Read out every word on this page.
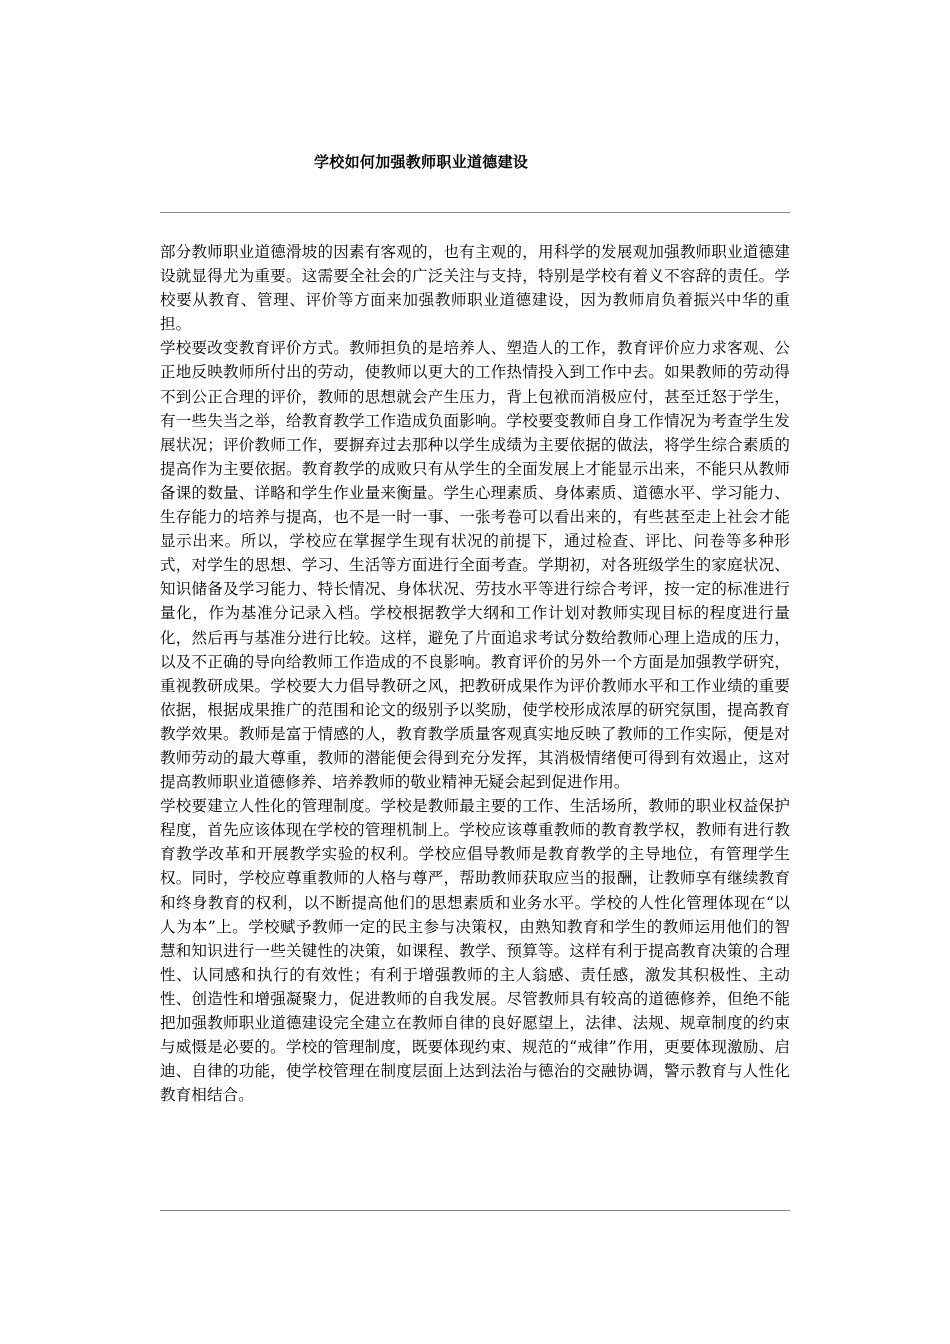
学校如何加强教师职业道德建设

部分教师职业道德滑坡的因素有客观的，也有主观的，用科学的发展观加强教师职业道德建设就显得尤为重要。这需要全社会的广泛关注与支持，特别是学校有着义不容辞的责任。学校要从教育、管理、评价等方面来加强教师职业道德建设，因为教师肩负着振兴中华的重担。

学校要改变教育评价方式。教师担负的是培养人、塑造人的工作，教育评价应力求客观、公正地反映教师所付出的劳动，使教师以更大的工作热情投入到工作中去。如果教师的劳动得不到公正合理的评价，教师的思想就会产生压力，背上包袱而消极应付，甚至迁怒于学生，有一些失当之举，给教育教学工作造成负面影响。学校要变教师自身工作情况为考查学生发展状况；评价教师工作，要摒弃过去那种以学生成绩为主要依据的做法，将学生综合素质的提高作为主要依据。教育教学的成败只有从学生的全面发展上才能显示出来，不能只从教师备课的数量、详略和学生作业量来衡量。学生心理素质、身体素质、道德水平、学习能力、生存能力的培养与提高，也不是一时一事、一张考卷可以看出来的，有些甚至走上社会才能显示出来。所以，学校应在掌握学生现有状况的前提下，通过检查、评比、问卷等多种形式，对学生的思想、学习、生活等方面进行全面考查。学期初，对各班级学生的家庭状况、知识储备及学习能力、特长情况、身体状况、劳技水平等进行综合考评，按一定的标准进行量化，作为基准分记录入档。学校根据教学大纲和工作计划对教师实现目标的程度进行量化，然后再与基准分进行比较。这样，避免了片面追求考试分数给教师心理上造成的压力，以及不正确的导向给教师工作造成的不良影响。教育评价的另外一个方面是加强教学研究，重视教研成果。学校要大力倡导教研之风，把教研成果作为评价教师水平和工作业绩的重要依据，根据成果推广的范围和论文的级别予以奖励，使学校形成浓厚的研究氛围，提高教育教学效果。教师是富于情感的人，教育教学质量客观真实地反映了教师的工作实际，便是对教师劳动的最大尊重，教师的潜能便会得到充分发挥，其消极情绪便可得到有效遏止，这对提高教师职业道德修养、培养教师的敬业精神无疑会起到促进作用。

学校要建立人性化的管理制度。学校是教师最主要的工作、生活场所，教师的职业权益保护程度，首先应该体现在学校的管理机制上。学校应该尊重教师的教育教学权，教师有进行教育教学改革和开展教学实验的权利。学校应倡导教师是教育教学的主导地位，有管理学生权。同时，学校应尊重教师的人格与尊严，帮助教师获取应当的报酬，让教师享有继续教育和终身教育的权利，以不断提高他们的思想素质和业务水平。学校的人性化管理体现在“以人为本”上。学校赋予教师一定的民主参与决策权，由熟知教育和学生的教师运用他们的智慧和知识进行一些关键性的决策，如课程、教学、预算等。这样有利于提高教育决策的合理性、认同感和执行的有效性；有利于增强教师的主人翁感、责任感，激发其积极性、主动性、创造性和增强凝聚力，促进教师的自我发展。尽管教师具有较高的道德修养，但绝不能把加强教师职业道德建设完全建立在教师自律的良好愿望上，法律、法规、规章制度的约束与威慑是必要的。学校的管理制度，既要体现约束、规范的“戒律”作用，更要体现激励、启迪、自律的功能，使学校管理在制度层面上达到法治与德治的交融协调，警示教育与人性化教育相结合。
